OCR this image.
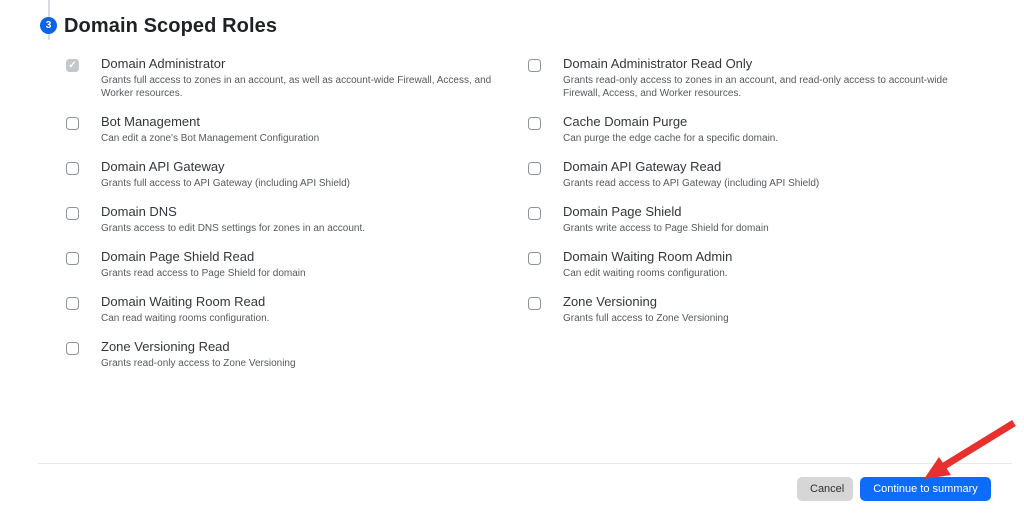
3 Domain Scoped Roles
✓ Domain Administrator
Grants full access to zones in an account, as well as account-wide Firewall, Access, and Worker resources.
Domain Administrator Read Only
Grants read-only access to zones in an account, and read-only access to account-wide Firewall, Access, and Worker resources.
Bot Management
Can edit a zone's Bot Management Configuration
Cache Domain Purge
Can purge the edge cache for a specific domain.
Domain API Gateway
Grants full access to API Gateway (including API Shield)
Domain API Gateway Read
Grants read access to API Gateway (including API Shield)
Domain DNS
Grants access to edit DNS settings for zones in an account.
Domain Page Shield
Grants write access to Page Shield for domain
Domain Page Shield Read
Grants read access to Page Shield for domain
Domain Waiting Room Admin
Can edit waiting rooms configuration.
Domain Waiting Room Read
Can read waiting rooms configuration.
Zone Versioning
Grants full access to Zone Versioning
Zone Versioning Read
Grants read-only access to Zone Versioning
Cancel	Continue to summary
